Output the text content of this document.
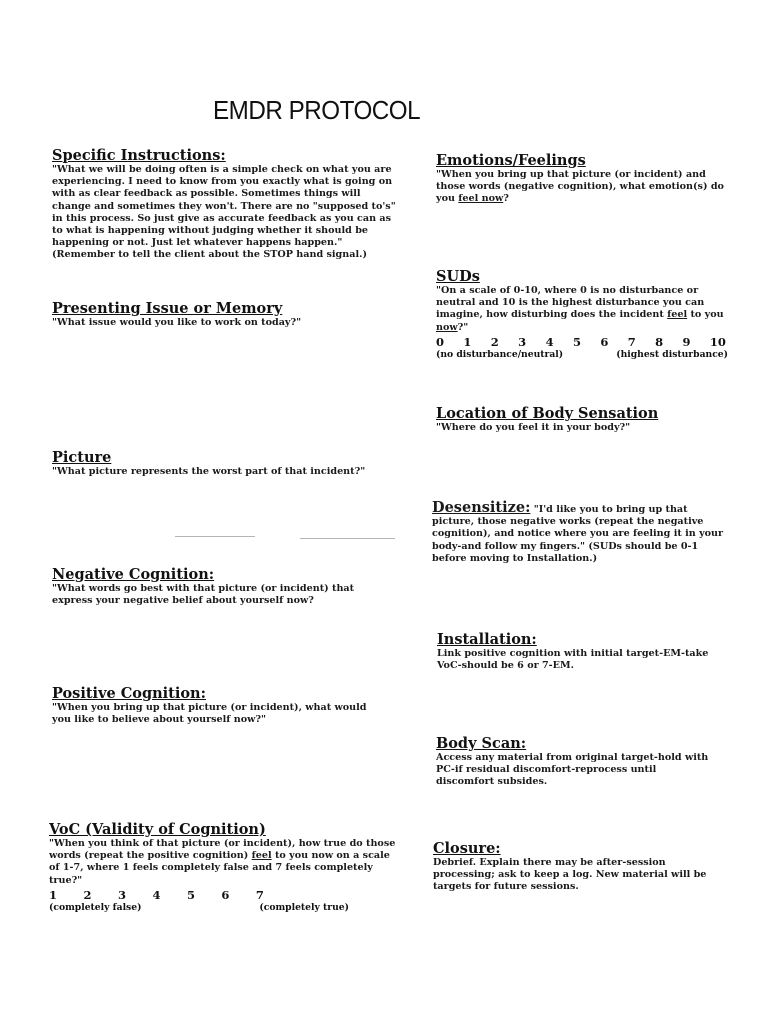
EMDR PROTOCOL
Specific Instructions:

"What we will be doing often is a simple check on what you are experiencing. I need to know from you exactly what is going on with as clear feedback as possible. Sometimes things will change and sometimes they won't. There are no "supposed to's" in this process. So just give as accurate feedback as you can as to what is happening without judging whether it should be happening or not. Just let whatever happens happen." (Remember to tell the client about the STOP hand signal.)

Presenting Issue or Memory

"What issue would you like to work on today?"

Picture

"What picture represents the worst part of that incident?"

Negative Cognition:

"What words go best with that picture (or incident) that express your negative belief about yourself now?

Positive Cognition:

"When you bring up that picture (or incident), what would you like to believe about yourself now?"

VoC (Validity of Cognition)

"When you think of that picture (or incident), how true do those words (repeat the positive cognition) feel to you now on a scale of 1-7, where 1 feels completely false and 7 feels completely true?"

1 2 3 4 5 6 7
(completely false)	(completely true)
Emotions/Feelings

"When you bring up that picture (or incident) and those words (negative cognition), what emotion(s) do you feel now?

SUDs

"On a scale of 0-10, where 0 is no disturbance or neutral and 10 is the highest disturbance you can imagine, how disturbing does the incident feel to you now?"

0 1 2 3 4 5 6 7 8 9 10
(no disturbance/neutral)	(highest disturbance)
Location of Body Sensation

"Where do you feel it in your body?"

Desensitize: "I'd like you to bring up that picture, those negative works (repeat the negative cognition), and notice where you are feeling it in your body-and follow my fingers." (SUDs should be 0-1 before moving to Installation.)

Installation:

Link positive cognition with initial target-EM-take VoC-should be 6 or 7-EM.

Body Scan:

Access any material from original target-hold with PC-if residual discomfort-reprocess until discomfort subsides.

Closure:

Debrief. Explain there may be after-session processing; ask to keep a log. New material will be targets for future sessions.
